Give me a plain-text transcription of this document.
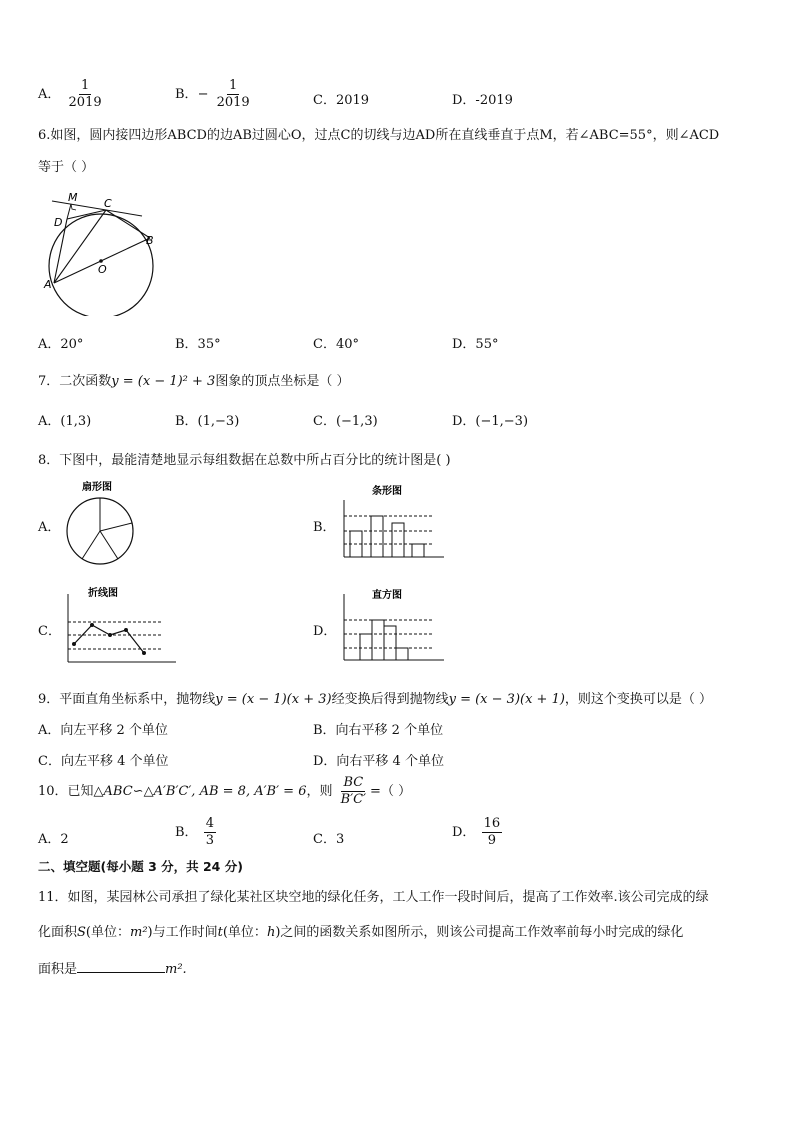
A． $\frac{1}{2019}$	B．− $\frac{1}{2019}$	C．2019	D．-2019
6.如图，圆内接四边形ABCD的边AB过圆心O，过点C的切线与边AD所在直线垂直于点M，若∠ABC=55°，则∠ACD
等于（ ）
M
D
C
B
O
A
A．20°	B．35°	C．40°	D．55°
7．二次函数y = (x − 1)² + 3图象的顶点坐标是（ ）
A．(1,3)	B．(1,−3)	C．(−1,3)	D．(−1,−3)
8．下图中，最能清楚地显示每组数据在总数中所占百分比的统计图是( )
A．
扇形图
B．
条形图
C．
折线图
D．
直方图
9．平面直角坐标系中，抛物线y = (x − 1)(x + 3)经变换后得到抛物线y = (x − 3)(x + 1)，则这个变换可以是（ ）
A．向左平移 2 个单位	B．向右平移 2 个单位
C．向左平移 4 个单位	D．向右平移 4 个单位
10．已知△ABC∽△A′B′C′, AB = 8, A′B′ = 6，则 $\frac{BC}{B'C'}$ =（ ）
A．2	B． $\frac{4}{3}$	C．3	D． $\frac{16}{9}$
二、填空题(每小题 3 分，共 24 分)
11．如图，某园林公司承担了绿化某社区块空地的绿化任务，工人工作一段时间后，提高了工作效率.该公司完成的绿
化面积S(单位：m²)与工作时间t(单位：h)之间的函数关系如图所示，则该公司提高工作效率前每小时完成的绿化
面积是	m².
